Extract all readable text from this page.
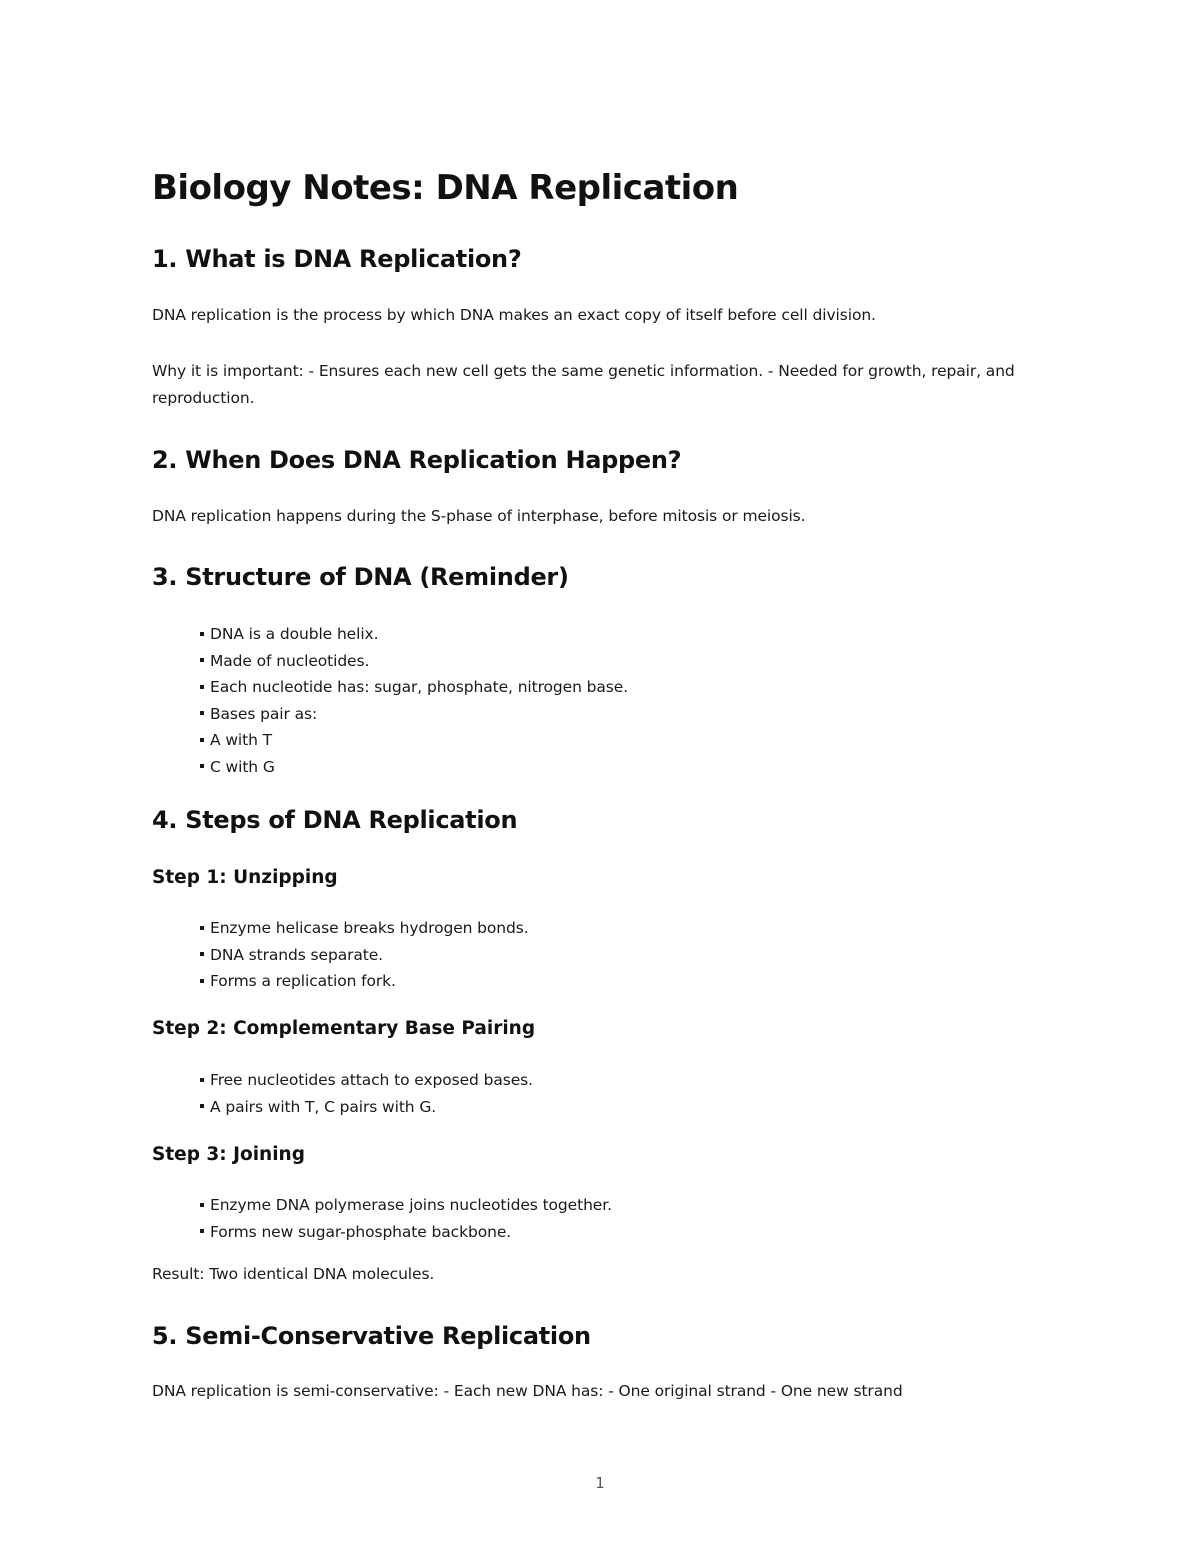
Biology Notes: DNA Replication
1. What is DNA Replication?
DNA replication is the process by which DNA makes an exact copy of itself before cell division.
Why it is important: - Ensures each new cell gets the same genetic information. - Needed for growth, repair, and reproduction.
2. When Does DNA Replication Happen?
DNA replication happens during the S-phase of interphase, before mitosis or meiosis.
3. Structure of DNA (Reminder)
DNA is a double helix.
Made of nucleotides.
Each nucleotide has: sugar, phosphate, nitrogen base.
Bases pair as:
A with T
C with G
4. Steps of DNA Replication
Step 1: Unzipping
Enzyme helicase breaks hydrogen bonds.
DNA strands separate.
Forms a replication fork.
Step 2: Complementary Base Pairing
Free nucleotides attach to exposed bases.
A pairs with T, C pairs with G.
Step 3: Joining
Enzyme DNA polymerase joins nucleotides together.
Forms new sugar-phosphate backbone.
Result: Two identical DNA molecules.
5. Semi-Conservative Replication
DNA replication is semi-conservative: - Each new DNA has: - One original strand - One new strand
1
